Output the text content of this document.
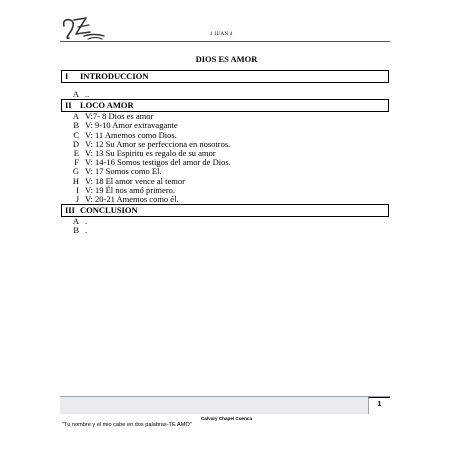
1 JUAN 4
DIOS ES AMOR
I	INTRODUCCION
A ..
II LOCO AMOR
A V:7- 8 Dios es amor
B V: 9-10 Amor extravagante
C V: 11 Amemos como Dios.
D V: 12 Su Amor se perfecciona en nosotros.
E V: 13 Su Espiritu es regalo de su amor
F V: 14-16 Somos testigos del amor de Dios.
G V: 17 Somos como El.
H V: 18 El amor vence al temor
I V: 19 Él nos amó primero.
J V: 20-21 Amemos como él.
III CONCLUSION
A .
B .
1
Calvary Chapel Cuenca
"Tu nombre y el mio cabe en dos palabras-TE AMO"
